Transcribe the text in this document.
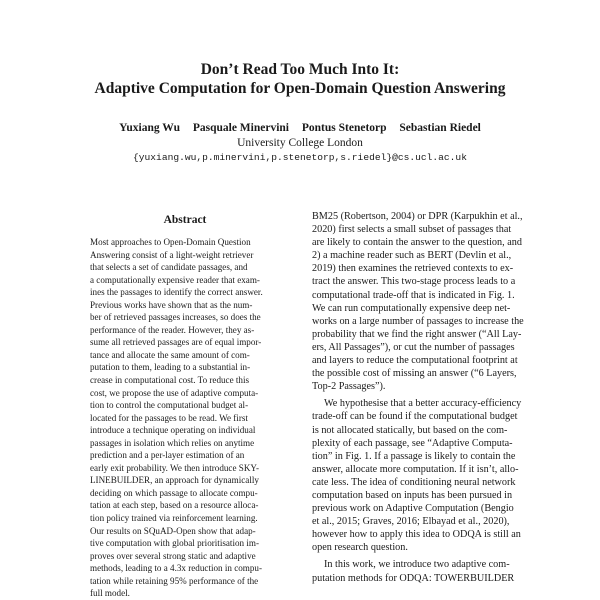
Don’t Read Too Much Into It:
Adaptive Computation for Open-Domain Question Answering
Yuxiang Wu Pasquale Minervini Pontus Stenetorp Sebastian Riedel
University College London
{yuxiang.wu,p.minervini,p.stenetorp,s.riedel}@cs.ucl.ac.uk
Abstract
Most approaches to Open-Domain Question
Answering consist of a light-weight retriever
that selects a set of candidate passages, and
a computationally expensive reader that exam-
ines the passages to identify the correct answer.
Previous works have shown that as the num-
ber of retrieved passages increases, so does the
performance of the reader. However, they as-
sume all retrieved passages are of equal impor-
tance and allocate the same amount of com-
putation to them, leading to a substantial in-
crease in computational cost. To reduce this
cost, we propose the use of adaptive computa-
tion to control the computational budget al-
located for the passages to be read. We first
introduce a technique operating on individual
passages in isolation which relies on anytime
prediction and a per-layer estimation of an
early exit probability. We then introduce SKY-
LINEBUILDER, an approach for dynamically
deciding on which passage to allocate compu-
tation at each step, based on a resource alloca-
tion policy trained via reinforcement learning.
Our results on SQuAD-Open show that adap-
tive computation with global prioritisation im-
proves over several strong static and adaptive
methods, leading to a 4.3x reduction in compu-
tation while retaining 95% performance of the
full model.
BM25 (Robertson, 2004) or DPR (Karpukhin et al.,
2020) first selects a small subset of passages that
are likely to contain the answer to the question, and
2) a machine reader such as BERT (Devlin et al.,
2019) then examines the retrieved contexts to ex-
tract the answer. This two-stage process leads to a
computational trade-off that is indicated in Fig. 1.
We can run computationally expensive deep net-
works on a large number of passages to increase the
probability that we find the right answer (“All Lay-
ers, All Passages”), or cut the number of passages
and layers to reduce the computational footprint at
the possible cost of missing an answer (“6 Layers,
Top-2 Passages”).
We hypothesise that a better accuracy-efficiency
trade-off can be found if the computational budget
is not allocated statically, but based on the com-
plexity of each passage, see “Adaptive Computa-
tion” in Fig. 1. If a passage is likely to contain the
answer, allocate more computation. If it isn’t, allo-
cate less. The idea of conditioning neural network
computation based on inputs has been pursued in
previous work on Adaptive Computation (Bengio
et al., 2015; Graves, 2016; Elbayad et al., 2020),
however how to apply this idea to ODQA is still an
open research question.
In this work, we introduce two adaptive com-
putation methods for ODQA: TOWERBUILDER
